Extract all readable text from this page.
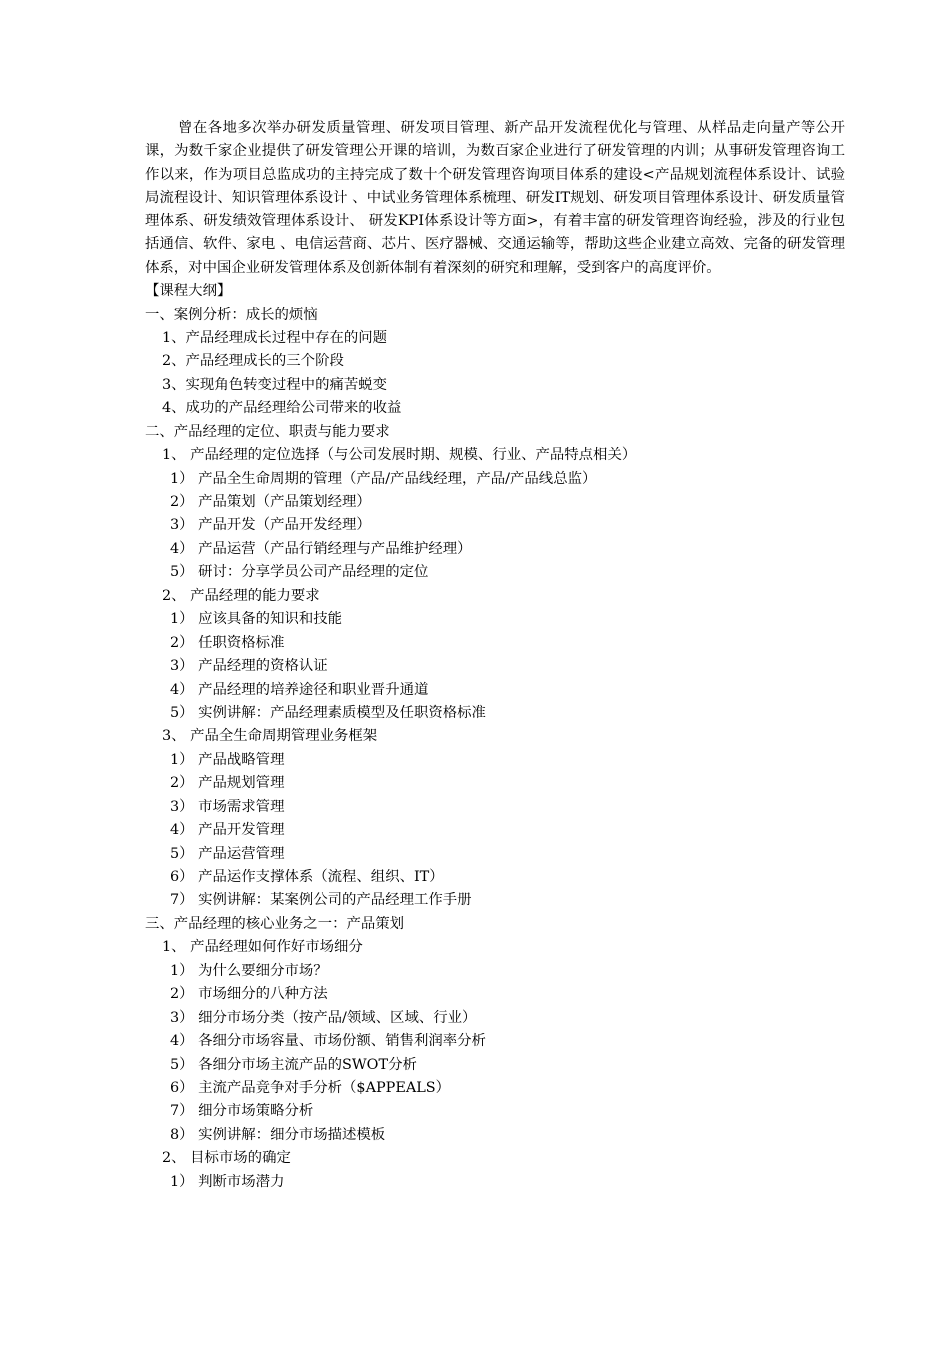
曾在各地多次举办研发质量管理、研发项目管理、新产品开发流程优化与管理、从样品走向量产等公开课，为数千家企业提供了研发管理公开课的培训，为数百家企业进行了研发管理的内训；从事研发管理咨询工作以来，作为项目总监成功的主持完成了数十个研发管理咨询项目体系的建设<产品规划流程体系设计、试验局流程设计、知识管理体系设计 、中试业务管理体系梳理、研发IT规划、研发项目管理体系设计、研发质量管理体系、研发绩效管理体系设计、 研发KPI体系设计等方面>，有着丰富的研发管理咨询经验，涉及的行业包括通信、软件、家电 、电信运营商、芯片、医疗器械、交通运输等，帮助这些企业建立高效、完备的研发管理体系，对中国企业研发管理体系及创新体制有着深刻的研究和理解，受到客户的高度评价。

【课程大纲】
一、案例分析：成长的烦恼
1、产品经理成长过程中存在的问题
2、产品经理成长的三个阶段
3、实现角色转变过程中的痛苦蜕变
4、成功的产品经理给公司带来的收益
二、产品经理的定位、职责与能力要求
1、 产品经理的定位选择（与公司发展时期、规模、行业、产品特点相关）
1） 产品全生命周期的管理（产品/产品线经理，产品/产品线总监）
2） 产品策划（产品策划经理）
3） 产品开发（产品开发经理）
4） 产品运营（产品行销经理与产品维护经理）
5） 研讨：分享学员公司产品经理的定位
2、 产品经理的能力要求
1） 应该具备的知识和技能
2） 任职资格标准
3） 产品经理的资格认证
4） 产品经理的培养途径和职业晋升通道
5） 实例讲解：产品经理素质模型及任职资格标准
3、 产品全生命周期管理业务框架
1） 产品战略管理
2） 产品规划管理
3） 市场需求管理
4） 产品开发管理
5） 产品运营管理
6） 产品运作支撑体系（流程、组织、IT）
7） 实例讲解：某案例公司的产品经理工作手册
三、产品经理的核心业务之一：产品策划
1、 产品经理如何作好市场细分
1） 为什么要细分市场？
2） 市场细分的八种方法
3） 细分市场分类（按产品/领域、区域、行业）
4） 各细分市场容量、市场份额、销售利润率分析
5） 各细分市场主流产品的SWOT分析
6） 主流产品竞争对手分析（$APPEALS）
7） 细分市场策略分析
8） 实例讲解：细分市场描述模板
2、 目标市场的确定
1） 判断市场潜力
